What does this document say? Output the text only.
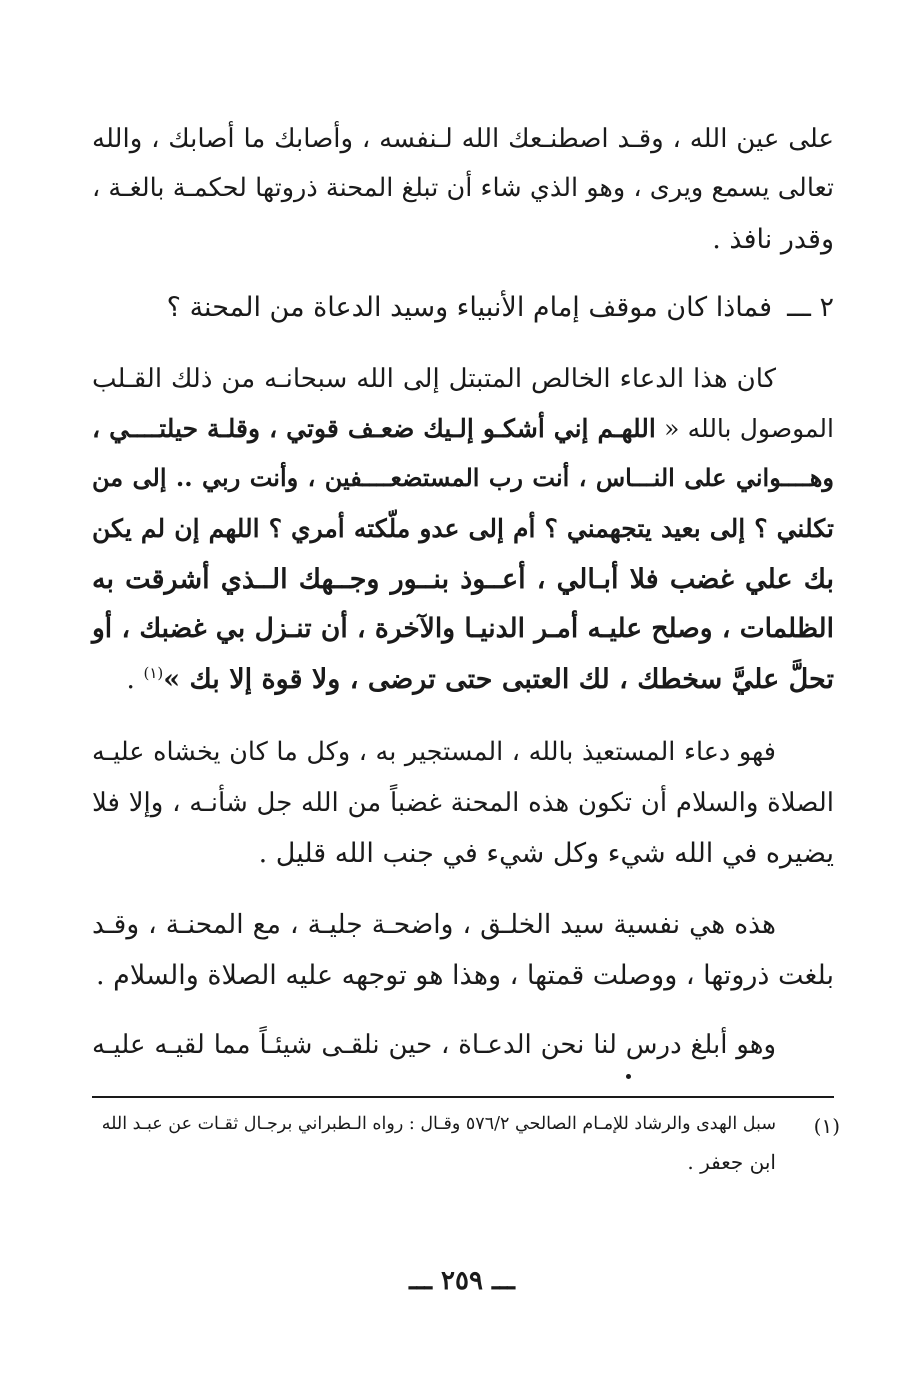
على عين الله ، وقـد اصطنـعك الله لـنفسه ، وأصابك ما أصابك ، والله
تعالى يسمع ويرى ، وهو الذي شاء أن تبلغ المحنة ذروتها لحكمـة بالغـة ،
وقدر نافذ .
٢ ـــ
فماذا كان موقف إمام الأنبياء وسيد الدعاة من المحنة ؟
كان هذا الدعاء الخالص المتبتل إلى الله سبحانـه من ذلك القـلب
الموصول بالله « اللهـم إني أشكـو إلـيك ضعـف قوتي ، وقلـة حيلتــــي ،
وهــــواني على النـــاس ، أنت رب المستضعــــفين ، وأنت ربي .. إلى من
تكلني ؟ إلى بعيد يتجهمني ؟ أم إلى عدو ملّكته أمري ؟ اللهم إن لم يكن
بك علي غضب فلا أبـالي ، أعــوذ بنــور وجــهك الــذي أشرقت به
الظلمات ، وصلح عليـه أمـر الدنيـا والآخرة ، أن تنـزل بي غضبك ، أو
تحلَّ عليَّ سخطك ، لك العتبى حتى ترضى ، ولا قوة إلا بك »$^{(١)}$ .
فهو دعاء المستعيذ بالله ، المستجير به ، وكل ما كان يخشاه عليـه
الصلاة والسلام أن تكون هذه المحنة غضباً من الله جل شأنـه ، وإلا فلا
يضيره في الله شيء وكل شيء في جنب الله قليل .
هذه هي نفسية سيد الخلـق ، واضحـة جليـة ، مع المحنـة ، وقـد
بلغت ذروتها ، ووصلت قمتها ، وهذا هو توجهه عليه الصلاة والسلام .
وهو أبلغ درس لنا نحن الدعـاة ، حين نلقـى شيئـاً مما لقيـه عليـه
(١)
سبل الهدى والرشاد للإمـام الصالحي ٥٧٦/٢ وقـال : رواه الـطبراني برجـال ثقـات عن عبـد الله
ابن جعفر .
ـــ ٢٥٩ ـــ
